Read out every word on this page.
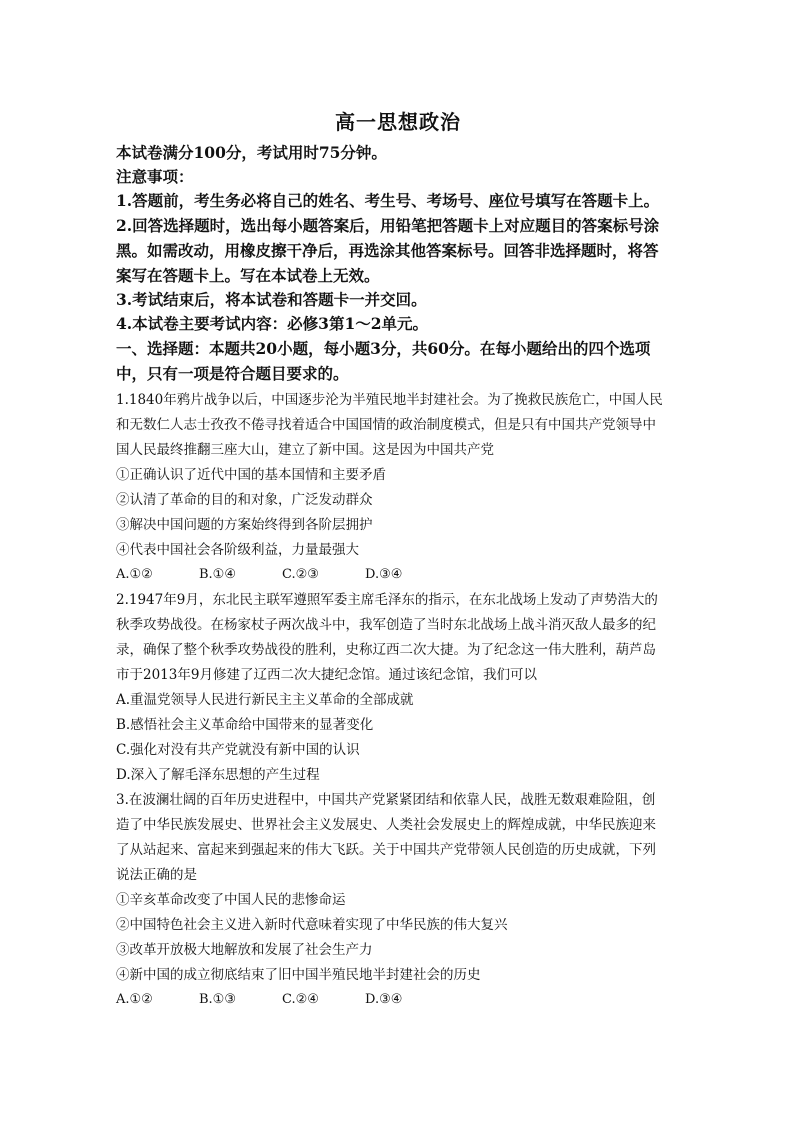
高一思想政治
本试卷满分100分，考试用时75分钟。
注意事项：
1.答题前，考生务必将自己的姓名、考生号、考场号、座位号填写在答题卡上。
2.回答选择题时，选出每小题答案后，用铅笔把答题卡上对应题目的答案标号涂
黑。如需改动，用橡皮擦干净后，再选涂其他答案标号。回答非选择题时，将答
案写在答题卡上。写在本试卷上无效。
3.考试结束后，将本试卷和答题卡一并交回。
4.本试卷主要考试内容：必修3第1～2单元。
一、选择题：本题共20小题，每小题3分，共60分。在每小题给出的四个选项
中，只有一项是符合题目要求的。
1.1840年鸦片战争以后，中国逐步沦为半殖民地半封建社会。为了挽救民族危亡，中国人民
和无数仁人志士孜孜不倦寻找着适合中国国情的政治制度模式，但是只有中国共产党领导中
国人民最终推翻三座大山，建立了新中国。这是因为中国共产党
①正确认识了近代中国的基本国情和主要矛盾
②认清了革命的目的和对象，广泛发动群众
③解决中国问题的方案始终得到各阶层拥护
④代表中国社会各阶级利益，力量最强大
A.①②	B.①④	C.②③	D.③④
2.1947年9月，东北民主联军遵照军委主席毛泽东的指示，在东北战场上发动了声势浩大的
秋季攻势战役。在杨家杖子两次战斗中，我军创造了当时东北战场上战斗消灭敌人最多的纪
录，确保了整个秋季攻势战役的胜利，史称辽西二次大捷。为了纪念这一伟大胜利，葫芦岛
市于2013年9月修建了辽西二次大捷纪念馆。通过该纪念馆，我们可以
A.重温党领导人民进行新民主主义革命的全部成就
B.感悟社会主义革命给中国带来的显著变化
C.强化对没有共产党就没有新中国的认识
D.深入了解毛泽东思想的产生过程
3.在波澜壮阔的百年历史进程中，中国共产党紧紧团结和依靠人民，战胜无数艰难险阻，创
造了中华民族发展史、世界社会主义发展史、人类社会发展史上的辉煌成就，中华民族迎来
了从站起来、富起来到强起来的伟大飞跃。关于中国共产党带领人民创造的历史成就，下列
说法正确的是
①辛亥革命改变了中国人民的悲惨命运
②中国特色社会主义进入新时代意味着实现了中华民族的伟大复兴
③改革开放极大地解放和发展了社会生产力
④新中国的成立彻底结束了旧中国半殖民地半封建社会的历史
A.①②	B.①③	C.②④	D.③④
